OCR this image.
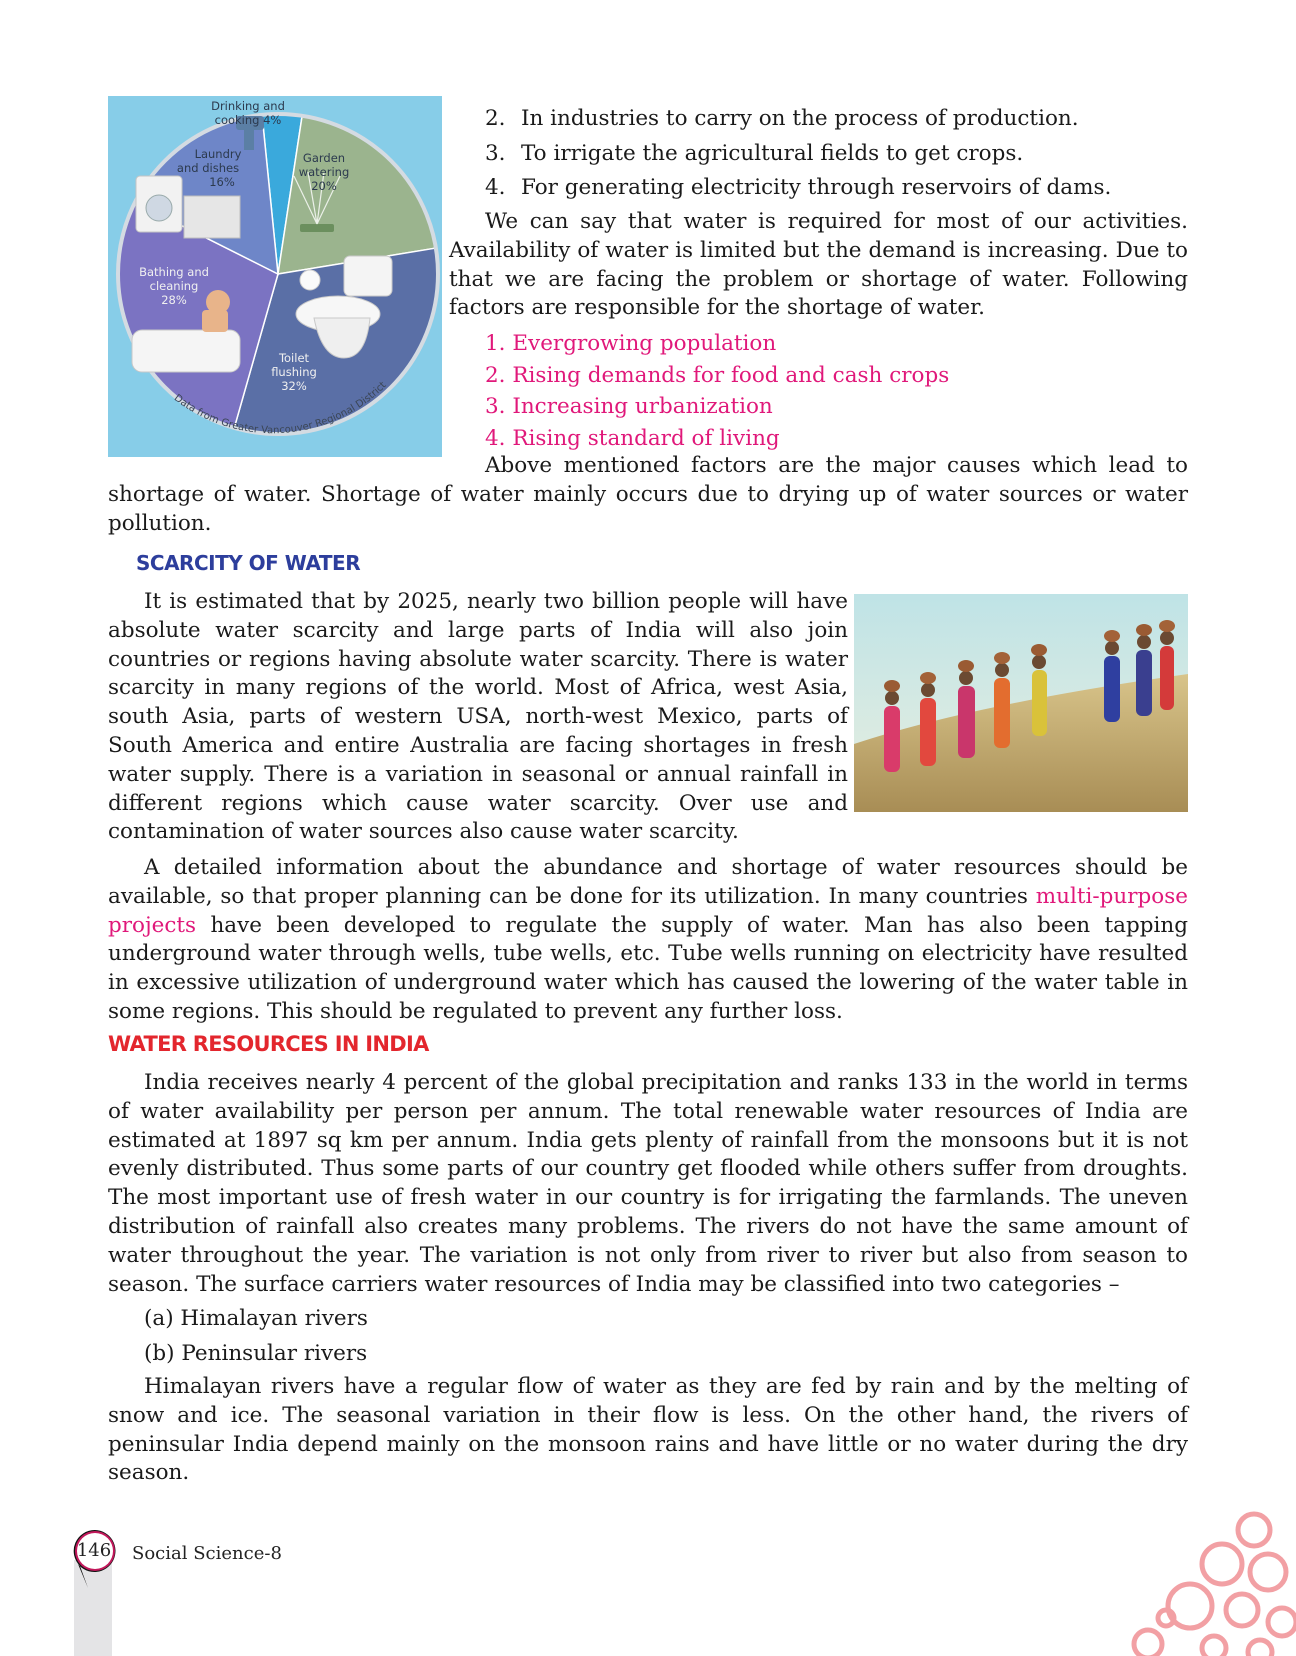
Drinking and
cooking 4%
Garden
watering
20%
Toilet
flushing
32%
Bathing and
cleaning
28%
Laundry
and dishes
16%
Data from Greater Vancouver Regional District
2. In industries to carry on the process of production.
3. To irrigate the agricultural fields to get crops.
4. For generating electricity through reservoirs of dams.

We can say that water is required for most of our activities. Availability of water is limited but the demand is increasing. Due to that we are facing the problem or shortage of water. Following factors are responsible for the shortage of water.

1. Evergrowing population
2. Rising demands for food and cash crops
3. Increasing urbanization
4. Rising standard of living

Above mentioned factors are the major causes which lead to shortage of water. Shortage of water mainly occurs due to drying up of water sources or water pollution.

SCARCITY OF WATER

It is estimated that by 2025, nearly two billion people will have absolute water scarcity and large parts of India will also join countries or regions having absolute water scarcity. There is water scarcity in many regions of the world. Most of Africa, west Asia, south Asia, parts of western USA, north-west Mexico, parts of South America and entire Australia are facing shortages in fresh water supply. There is a variation in seasonal or annual rainfall in different regions which cause water scarcity. Over use and contamination of water sources also cause water scarcity.

A detailed information about the abundance and shortage of water resources should be available, so that proper planning can be done for its utilization. In many countries multi-purpose projects have been developed to regulate the supply of water. Man has also been tapping underground water through wells, tube wells, etc. Tube wells running on electricity have resulted in excessive utilization of underground water which has caused the lowering of the water table in some regions. This should be regulated to prevent any further loss.

WATER RESOURCES IN INDIA

India receives nearly 4 percent of the global precipitation and ranks 133 in the world in terms of water availability per person per annum. The total renewable water resources of India are estimated at 1897 sq km per annum. India gets plenty of rainfall from the monsoons but it is not evenly distributed. Thus some parts of our country get flooded while others suffer from droughts. The most important use of fresh water in our country is for irrigating the farmlands. The uneven distribution of rainfall also creates many problems. The rivers do not have the same amount of water throughout the year. The variation is not only from river to river but also from season to season. The surface carriers water resources of India may be classified into two categories –

(a) Himalayan rivers
(b) Peninsular rivers

Himalayan rivers have a regular flow of water as they are fed by rain and by the melting of snow and ice. The seasonal variation in their flow is less. On the other hand, the rivers of peninsular India depend mainly on the monsoon rains and have little or no water during the dry season.

146 Social Science-8
